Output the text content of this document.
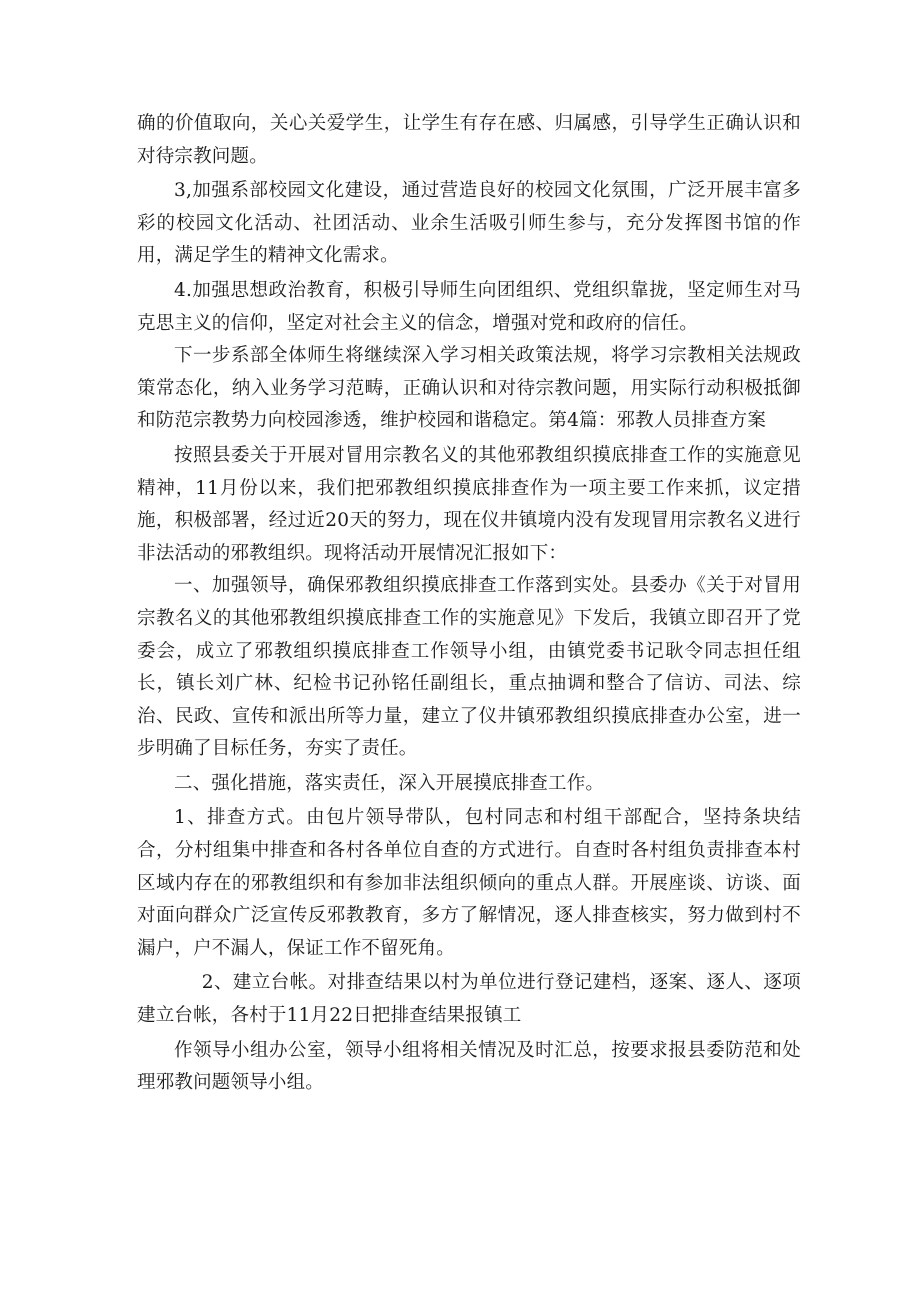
确的价值取向，关心关爱学生，让学生有存在感、归属感，引导学生正确认识和对待宗教问题。

3,加强系部校园文化建设，通过营造良好的校园文化氛围，广泛开展丰富多彩的校园文化活动、社团活动、业余生活吸引师生参与，充分发挥图书馆的作用，满足学生的精神文化需求。

4.加强思想政治教育，积极引导师生向团组织、党组织靠拢，坚定师生对马克思主义的信仰，坚定对社会主义的信念，增强对党和政府的信任。

下一步系部全体师生将继续深入学习相关政策法规，将学习宗教相关法规政策常态化，纳入业务学习范畴，正确认识和对待宗教问题，用实际行动积极抵御和防范宗教势力向校园渗透，维护校园和谐稳定。第4篇：邪教人员排查方案

按照县委关于开展对冒用宗教名义的其他邪教组织摸底排查工作的实施意见精神，11月份以来，我们把邪教组织摸底排查作为一项主要工作来抓，议定措施，积极部署，经过近20天的努力，现在仪井镇境内没有发现冒用宗教名义进行非法活动的邪教组织。现将活动开展情况汇报如下：

一、加强领导，确保邪教组织摸底排查工作落到实处。县委办《关于对冒用宗教名义的其他邪教组织摸底排查工作的实施意见》下发后，我镇立即召开了党委会，成立了邪教组织摸底排查工作领导小组，由镇党委书记耿令同志担任组长，镇长刘广林、纪检书记孙铭任副组长，重点抽调和整合了信访、司法、综治、民政、宣传和派出所等力量，建立了仪井镇邪教组织摸底排查办公室，进一步明确了目标任务，夯实了责任。

二、强化措施，落实责任，深入开展摸底排查工作。

1、排查方式。由包片领导带队，包村同志和村组干部配合，坚持条块结合，分村组集中排查和各村各单位自查的方式进行。自查时各村组负责排查本村区域内存在的邪教组织和有参加非法组织倾向的重点人群。开展座谈、访谈、面对面向群众广泛宣传反邪教教育，多方了解情况，逐人排查核实，努力做到村不漏户，户不漏人，保证工作不留死角。

2、建立台帐。对排查结果以村为单位进行登记建档，逐案、逐人、逐项建立台帐，各村于11月22日把排查结果报镇工

作领导小组办公室，领导小组将相关情况及时汇总，按要求报县委防范和处理邪教问题领导小组。
